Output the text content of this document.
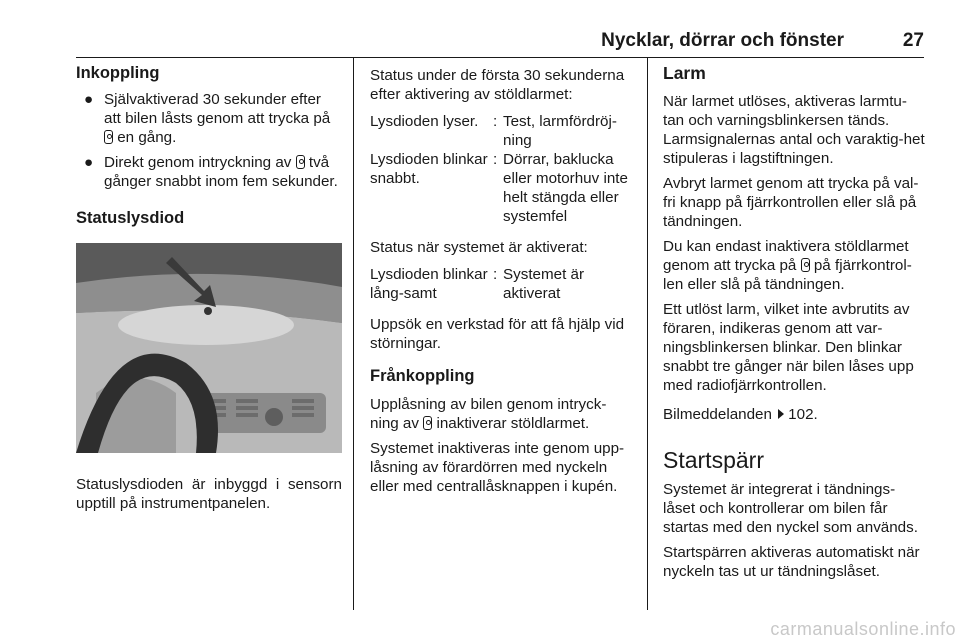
Nycklar, dörrar och fönster	27
Inkoppling
● Självaktiverad 30 sekunder efter att bilen låsts genom att trycka på  en gång.
● Direkt genom intryckning av två gånger snabbt inom fem sekunder.
Statuslysdiod

Statuslysdioden är inbyggd i sensorn upptill på instrumentpanelen.

Status under de första 30 sekunderna efter aktivering av stöldlarmet:

Lysdioden lyser. : Test, larmfördröj-ning
Lysdioden blinkar snabbt.
: Dörrar, baklucka eller motorhuv inte helt stängda eller systemfel

Status när systemet är aktiverat:

Lysdioden blinkar lång-samt
: Systemet är aktiverat

Uppsök en verkstad för att få hjälp vid störningar.

Frånkoppling

Upplåsning av bilen genom intryck-ning av inaktiverar stöldlarmet.

Systemet inaktiveras inte genom upp-låsning av förardörren med nyckeln eller med centrallåsknappen i kupén.

Larm

När larmet utlöses, aktiveras larmtu-tan och varningsblinkersen tänds. Larmsignalernas antal och varaktig-het stipuleras i lagstiftningen.

Avbryt larmet genom att trycka på val-fri knapp på fjärrkontrollen eller slå på tändningen.

Du kan endast inaktivera stöldlarmet genom att trycka på på fjärrkontrol-len eller slå på tändningen.

Ett utlöst larm, vilket inte avbrutits av föraren, indikeras genom att var-ningsblinkersen blinkar. Den blinkar snabbt tre gånger när bilen låses upp med radiofjärrkontrollen.

Bilmeddelanden 102.

Startspärr

Systemet är integrerat i tändnings-låset och kontrollerar om bilen får startas med den nyckel som används.

Startspärren aktiveras automatiskt när nyckeln tas ut ur tändningslåset.

carmanualsonline.info
